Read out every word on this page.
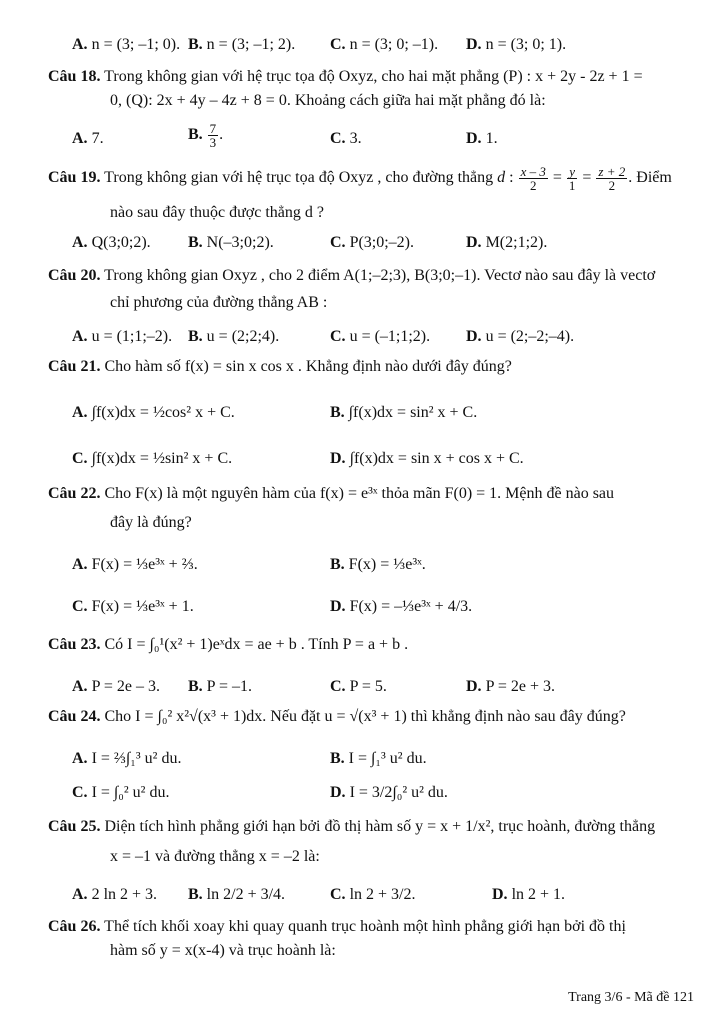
A. n = (3; –1; 0). B. n = (3; –1; 2). C. n = (3; 0; –1). D. n = (3; 0; 1).
Câu 18. Trong không gian với hệ trục tọa độ Oxyz, cho hai mặt phẳng (P) : x + 2y - 2z + 1 =
0, (Q): 2x + 4y – 4z + 8 = 0. Khoảng cách giữa hai mặt phẳng đó là:
A. 7.	B. $\frac{7}{3}$ .	C. 3.	D. 1.
Câu 19. Trong không gian với hệ trục tọa độ Oxyz , cho đường thẳng d : $\frac{x - 3}{2} = \frac{y}{1} = \frac{z + 2}{2}$ . Điểm
nào sau đây thuộc được thẳng d ?
A. Q(3;0;2). B. N(–3;0;2).	C. P(3;0;–2).	D. M(2;1;2).
Câu 20. Trong không gian Oxyz , cho 2 điểm A(1;–2;3), B(3;0;–1). Vectơ nào sau đây là vectơ
chỉ phương của đường thẳng AB :
A. u = (1;1;–2). B. u = (2;2;4).	C. u = (–1;1;2). D. u = (2;–2;–4).
Câu 21. Cho hàm số f(x) = sin x cos x . Khẳng định nào dưới đây đúng?
A. ∫f(x)dx = ½cos² x + C.	B. ∫f(x)dx = sin² x + C.
C. ∫f(x)dx = ½sin² x + C.	D. ∫f(x)dx = sin x + cos x + C.
Câu 22. Cho F(x) là một nguyên hàm của f(x) = e³ˣ thỏa mãn F(0) = 1. Mệnh đề nào sau
đây là đúng?
A. F(x) = ⅓e³ˣ + ⅔.	B. F(x) = ⅓e³ˣ.
C. F(x) = ⅓e³ˣ + 1.	D. F(x) = –⅓e³ˣ + 4/3.
Câu 23. Có I = ∫₀¹(x² + 1)eˣdx = ae + b . Tính P = a + b .
A. P = 2e – 3. B. P = –1.	C. P = 5.	D. P = 2e + 3.
Câu 24. Cho I = ∫₀² x²√(x³ + 1)dx. Nếu đặt u = √(x³ + 1) thì khẳng định nào sau đây đúng?
A. I = ⅔∫₁³ u² du.	B. I = ∫₁³ u² du.
C. I = ∫₀² u² du.	D. I = 3/2∫₀² u² du.
Câu 25. Diện tích hình phẳng giới hạn bởi đồ thị hàm số y = x + 1/x², trục hoành, đường thẳng
x = –1 và đường thẳng x = –2 là:
A. 2 ln 2 + 3. B. ln 2/2 + 3/4.	C. ln 2 + 3/2.	D. ln 2 + 1.
Câu 26. Thể tích khối xoay khi quay quanh trục hoành một hình phẳng giới hạn bởi đồ thị
hàm số y = x(x-4) và trục hoành là:
Trang 3/6 - Mã đề 121
